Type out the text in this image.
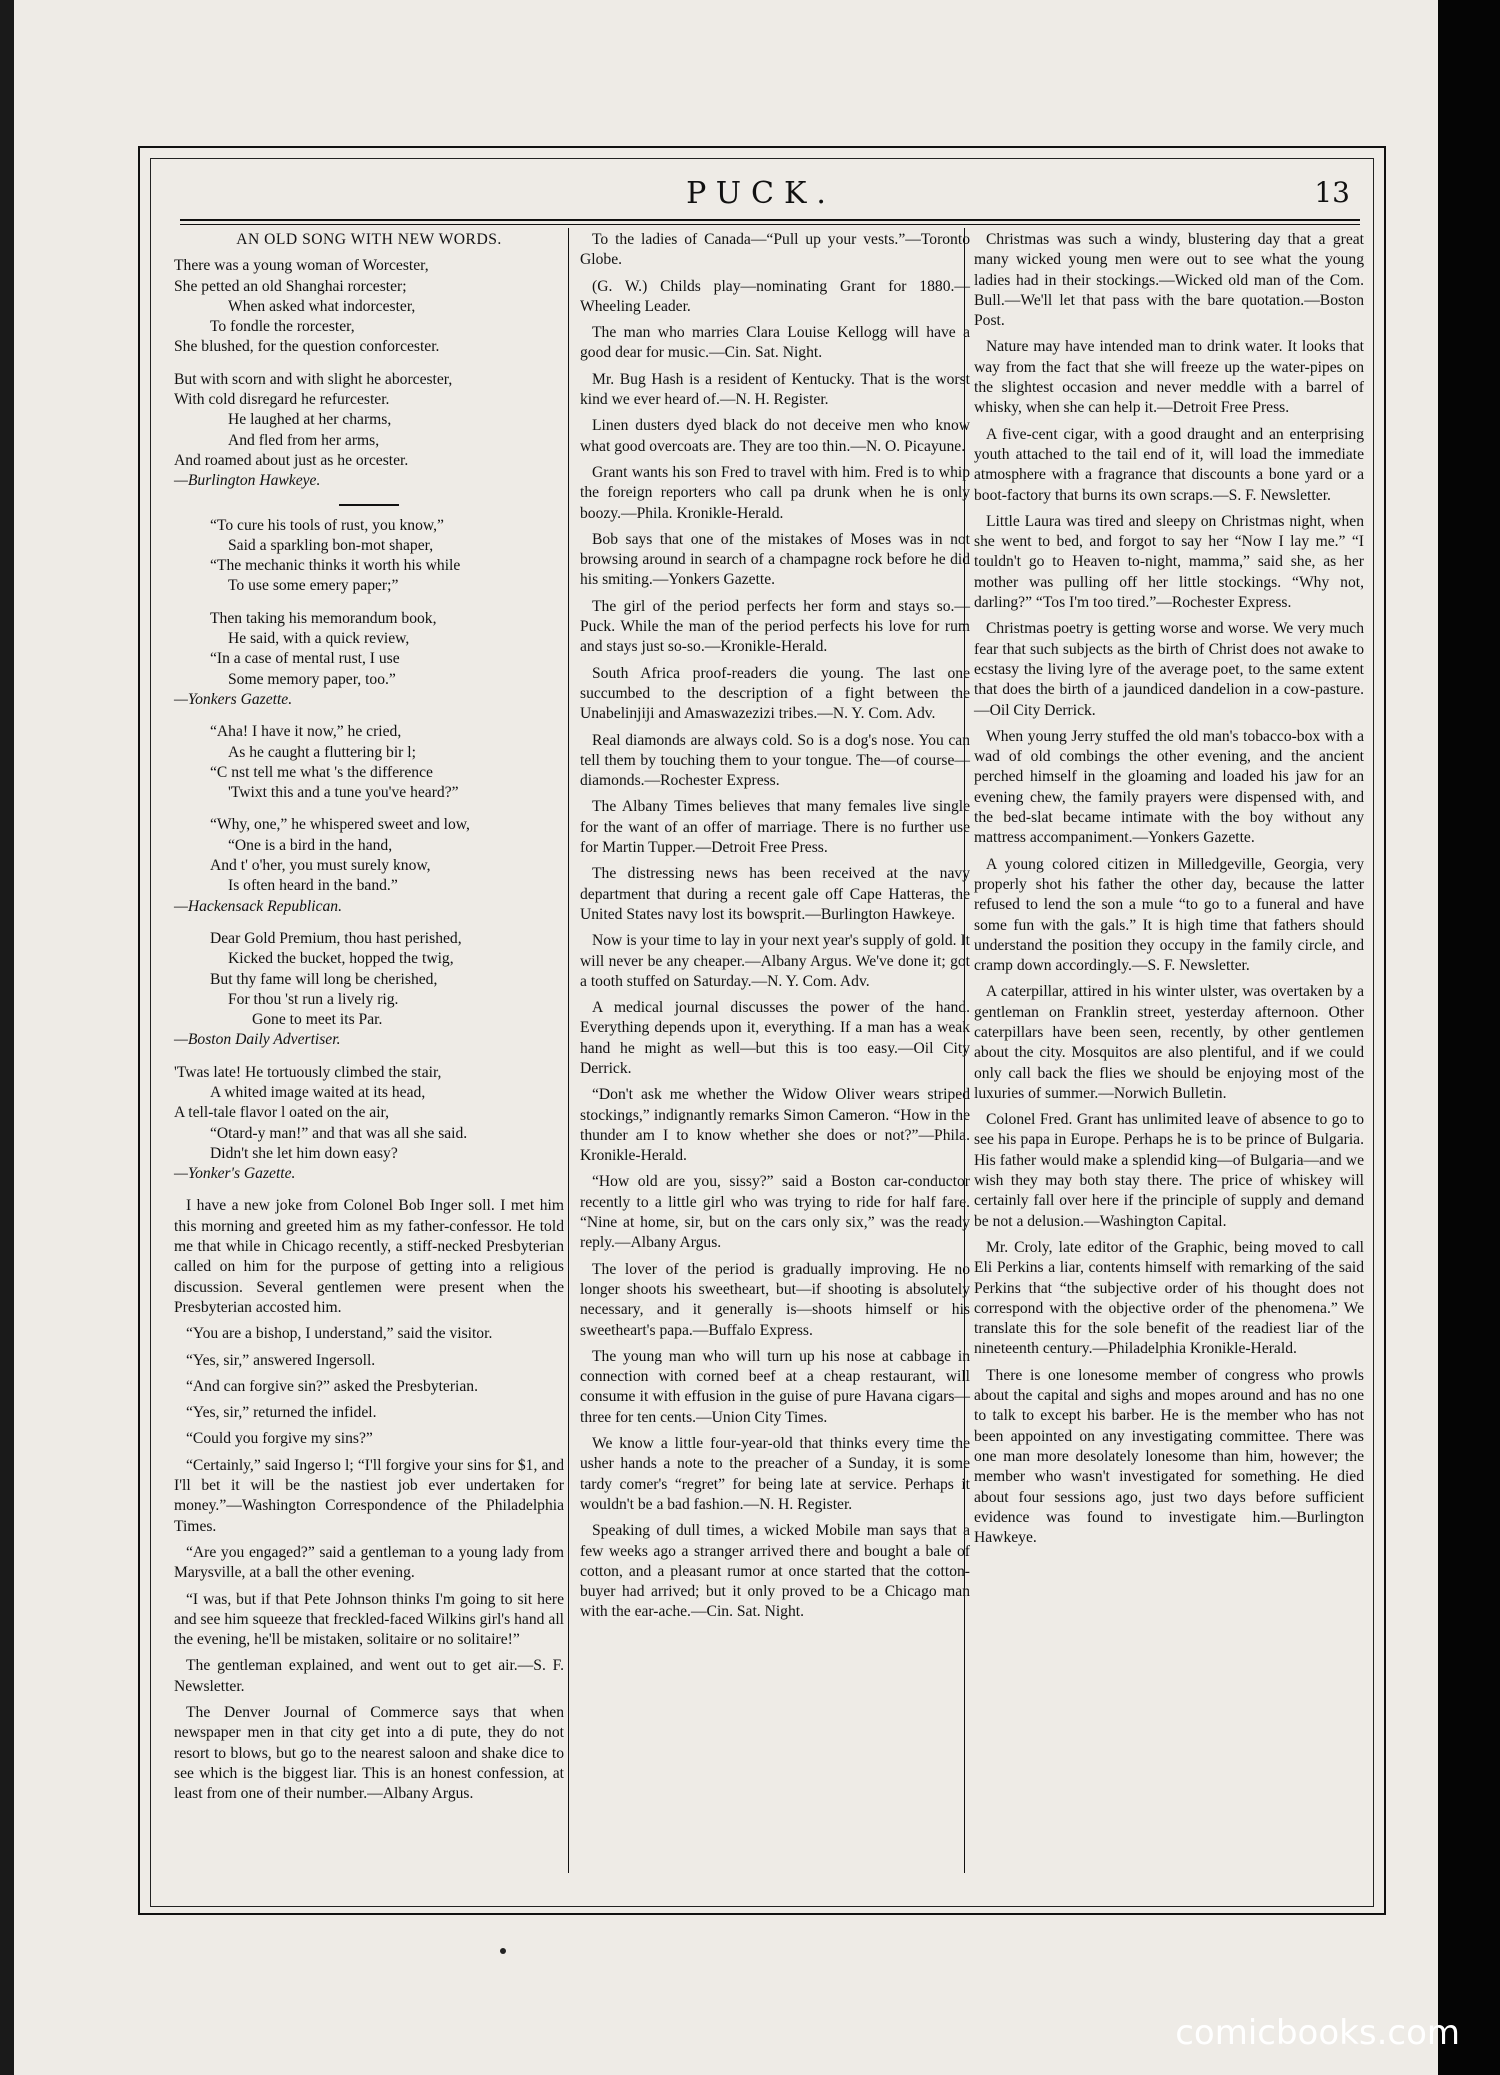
PUCK.	13
AN OLD SONG WITH NEW WORDS.
There was a young woman of Worcester,
She petted an old Shanghai rorcester;
When asked what indorcester,
To fondle the rorcester,
She blushed, for the question conforcester.
But with scorn and with slight he aborcester,
With cold disregard he refurcester.
He laughed at her charms,
And fled from her arms,
And roamed about just as he orcester.
—Burlington Hawkeye.
“To cure his tools of rust, you know,”
Said a sparkling bon-mot shaper,
“The mechanic thinks it worth his while
To use some emery paper;”
Then taking his memorandum book,
He said, with a quick review,
“In a case of mental rust, I use
Some memory paper, too.”
—Yonkers Gazette.
“Aha! I have it now,” he cried,
As he caught a fluttering bir l;
“C nst tell me what 's the difference
'Twixt this and a tune you've heard?”
“Why, one,” he whispered sweet and low,
“One is a bird in the hand,
And t' o'her, you must surely know,
Is often heard in the band.”
—Hackensack Republican.
Dear Gold Premium, thou hast perished,
Kicked the bucket, hopped the twig,
But thy fame will long be cherished,
For thou 'st run a lively rig.
Gone to meet its Par.
—Boston Daily Advertiser.
'Twas late! He tortuously climbed the stair,
A whited image waited at its head,
A tell-tale flavor l oated on the air,
“Otard-y man!” and that was all she said.
Didn't she let him down easy?
—Yonker's Gazette.

I have a new joke from Colonel Bob Inger soll. I met him this morning and greeted him as my father-confessor. He told me that while in Chicago recently, a stiff-necked Presbyterian called on him for the purpose of getting into a religious discussion. Several gentlemen were present when the Presbyterian accosted him.

“You are a bishop, I understand,” said the visitor.

“Yes, sir,” answered Ingersoll.

“And can forgive sin?” asked the Presbyterian.

“Yes, sir,” returned the infidel.

“Could you forgive my sins?”

“Certainly,” said Ingerso l; “I'll forgive your sins for $1, and I'll bet it will be the nastiest job ever undertaken for money.”—Washington Correspondence of the Philadelphia Times.

“Are you engaged?” said a gentleman to a young lady from Marysville, at a ball the other evening.

“I was, but if that Pete Johnson thinks I'm going to sit here and see him squeeze that freckled-faced Wilkins girl's hand all the evening, he'll be mistaken, solitaire or no solitaire!”

The gentleman explained, and went out to get air.—S. F. Newsletter.

The Denver Journal of Commerce says that when newspaper men in that city get into a di pute, they do not resort to blows, but go to the nearest saloon and shake dice to see which is the biggest liar. This is an honest confession, at least from one of their number.—Albany Argus.

To the ladies of Canada—“Pull up your vests.”—Toronto Globe.

(G. W.) Childs play—nominating Grant for 1880.—Wheeling Leader.

The man who marries Clara Louise Kellogg will have a good dear for music.—Cin. Sat. Night.

Mr. Bug Hash is a resident of Kentucky. That is the worst kind we ever heard of.—N. H. Register.

Linen dusters dyed black do not deceive men who know what good overcoats are. They are too thin.—N. O. Picayune.

Grant wants his son Fred to travel with him. Fred is to whip the foreign reporters who call pa drunk when he is only boozy.—Phila. Kronikle-Herald.

Bob says that one of the mistakes of Moses was in not browsing around in search of a champagne rock before he did his smiting.—Yonkers Gazette.

The girl of the period perfects her form and stays so.—Puck. While the man of the period perfects his love for rum and stays just so-so.—Kronikle-Herald.

South Africa proof-readers die young. The last one succumbed to the description of a fight between the Unabelinjiji and Amaswazezizi tribes.—N. Y. Com. Adv.

Real diamonds are always cold. So is a dog's nose. You can tell them by touching them to your tongue. The—of course—diamonds.—Rochester Express.

The Albany Times believes that many females live single for the want of an offer of marriage. There is no further use for Martin Tupper.—Detroit Free Press.

The distressing news has been received at the navy department that during a recent gale off Cape Hatteras, the United States navy lost its bowsprit.—Burlington Hawkeye.

Now is your time to lay in your next year's supply of gold. It will never be any cheaper.—Albany Argus. We've done it; got a tooth stuffed on Saturday.—N. Y. Com. Adv.

A medical journal discusses the power of the hand. Everything depends upon it, everything. If a man has a weak hand he might as well—but this is too easy.—Oil City Derrick.

“Don't ask me whether the Widow Oliver wears striped stockings,” indignantly remarks Simon Cameron. “How in the thunder am I to know whether she does or not?”—Phila. Kronikle-Herald.

“How old are you, sissy?” said a Boston car-conductor recently to a little girl who was trying to ride for half fare. “Nine at home, sir, but on the cars only six,” was the ready reply.—Albany Argus.

The lover of the period is gradually improving. He no longer shoots his sweetheart, but—if shooting is absolutely necessary, and it generally is—shoots himself or his sweetheart's papa.—Buffalo Express.

The young man who will turn up his nose at cabbage in connection with corned beef at a cheap restaurant, will consume it with effusion in the guise of pure Havana cigars—three for ten cents.—Union City Times.

We know a little four-year-old that thinks every time the usher hands a note to the preacher of a Sunday, it is some tardy comer's “regret” for being late at service. Perhaps it wouldn't be a bad fashion.—N. H. Register.

Speaking of dull times, a wicked Mobile man says that a few weeks ago a stranger arrived there and bought a bale of cotton, and a pleasant rumor at once started that the cotton-buyer had arrived; but it only proved to be a Chicago man with the ear-ache.—Cin. Sat. Night.

Christmas was such a windy, blustering day that a great many wicked young men were out to see what the young ladies had in their stockings.—Wicked old man of the Com. Bull.—We'll let that pass with the bare quotation.—Boston Post.

Nature may have intended man to drink water. It looks that way from the fact that she will freeze up the water-pipes on the slightest occasion and never meddle with a barrel of whisky, when she can help it.—Detroit Free Press.

A five-cent cigar, with a good draught and an enterprising youth attached to the tail end of it, will load the immediate atmosphere with a fragrance that discounts a bone yard or a boot-factory that burns its own scraps.—S. F. Newsletter.

Little Laura was tired and sleepy on Christmas night, when she went to bed, and forgot to say her “Now I lay me.” “I touldn't go to Heaven to-night, mamma,” said she, as her mother was pulling off her little stockings. “Why not, darling?” “Tos I'm too tired.”—Rochester Express.

Christmas poetry is getting worse and worse. We very much fear that such subjects as the birth of Christ does not awake to ecstasy the living lyre of the average poet, to the same extent that does the birth of a jaundiced dandelion in a cow-pasture.—Oil City Derrick.

When young Jerry stuffed the old man's tobacco-box with a wad of old combings the other evening, and the ancient perched himself in the gloaming and loaded his jaw for an evening chew, the family prayers were dispensed with, and the bed-slat became intimate with the boy without any mattress accompaniment.—Yonkers Gazette.

A young colored citizen in Milledgeville, Georgia, very properly shot his father the other day, because the latter refused to lend the son a mule “to go to a funeral and have some fun with the gals.” It is high time that fathers should understand the position they occupy in the family circle, and cramp down accordingly.—S. F. Newsletter.

A caterpillar, attired in his winter ulster, was overtaken by a gentleman on Franklin street, yesterday afternoon. Other caterpillars have been seen, recently, by other gentlemen about the city. Mosquitos are also plentiful, and if we could only call back the flies we should be enjoying most of the luxuries of summer.—Norwich Bulletin.

Colonel Fred. Grant has unlimited leave of absence to go to see his papa in Europe. Perhaps he is to be prince of Bulgaria. His father would make a splendid king—of Bulgaria—and we wish they may both stay there. The price of whiskey will certainly fall over here if the principle of supply and demand be not a delusion.—Washington Capital.

Mr. Croly, late editor of the Graphic, being moved to call Eli Perkins a liar, contents himself with remarking of the said Perkins that “the subjective order of his thought does not correspond with the objective order of the phenomena.” We translate this for the sole benefit of the readiest liar of the nineteenth century.—Philadelphia Kronikle-Herald.

There is one lonesome member of congress who prowls about the capital and sighs and mopes around and has no one to talk to except his barber. He is the member who has not been appointed on any investigating committee. There was one man more desolately lonesome than him, however; the member who wasn't investigated for something. He died about four sessions ago, just two days before sufficient evidence was found to investigate him.—Burlington Hawkeye.

comicbooks.com
